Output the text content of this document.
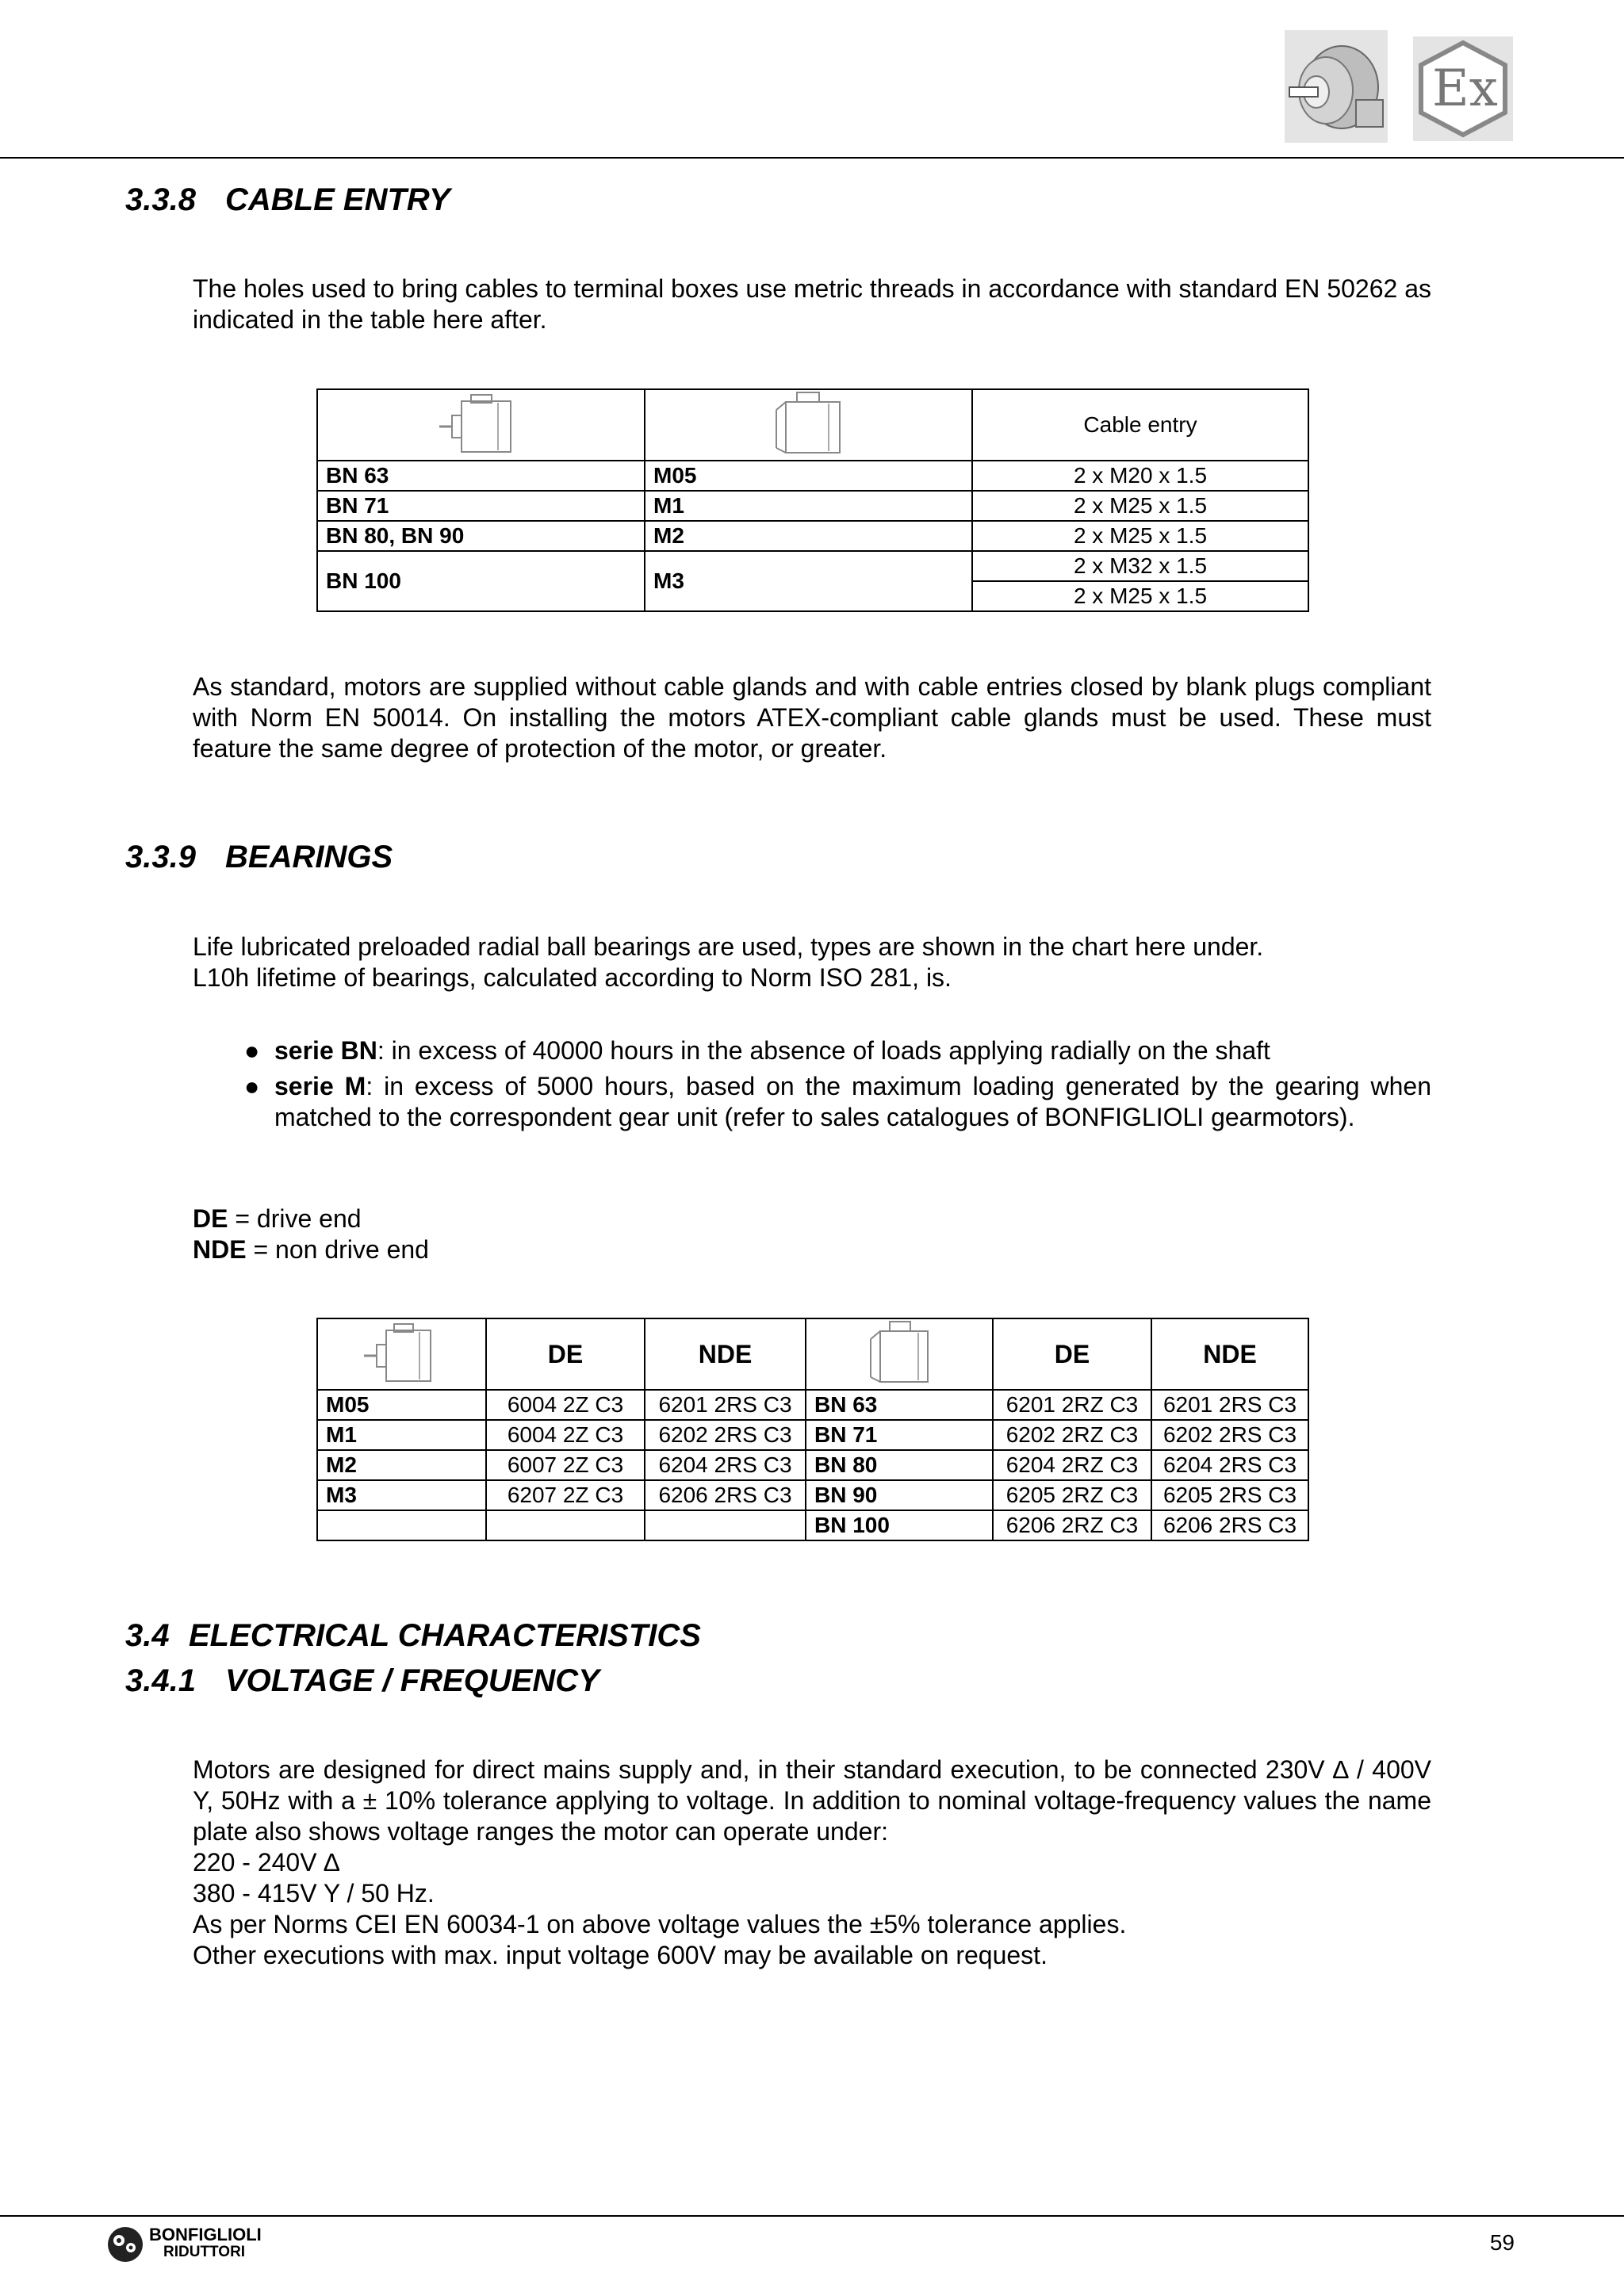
Ex
3.3.8 CABLE ENTRY

The holes used to bring cables to terminal boxes use metric threads in accordance with standard EN 50262 as indicated in the table here after.

	Cable entry
BN 63	M05	2 x M20 x 1.5
BN 71	M1	2 x M25 x 1.5
BN 80, BN 90	M2	2 x M25 x 1.5
BN 100	M3	2 x M32 x 1.5
		2 x M25 x 1.5

As standard, motors are supplied without cable glands and with cable entries closed by blank plugs compliant with Norm EN 50014. On installing the motors ATEX-compliant cable glands must be used. These must feature the same degree of protection of the motor, or greater.

3.3.9 BEARINGS

Life lubricated preloaded radial ball bearings are used, types are shown in the chart here under.

L10h lifetime of bearings, calculated according to Norm ISO 281, is.

● serie BN: in excess of 40000 hours in the absence of loads applying radially on the shaft
● serie M: in excess of 5000 hours, based on the maximum loading generated by the gearing when matched to the correspondent gear unit (refer to sales catalogues of BONFIGLIOLI gearmotors).

DE = drive end

NDE = non drive end

	DE	NDE		DE	NDE
M05	6004 2Z C3	6201 2RS C3	BN 63	6201 2RZ C3	6201 2RS C3
M1	6004 2Z C3	6202 2RS C3	BN 71	6202 2RZ C3	6202 2RS C3
M2	6007 2Z C3	6204 2RS C3	BN 80	6204 2RZ C3	6204 2RS C3
M3	6207 2Z C3	6206 2RS C3	BN 90	6205 2RZ C3	6205 2RS C3
			BN 100	6206 2RZ C3	6206 2RS C3
3.4 ELECTRICAL CHARACTERISTICS
3.4.1 VOLTAGE / FREQUENCY

Motors are designed for direct mains supply and, in their standard execution, to be connected 230V ∆ / 400V Y, 50Hz with a ± 10% tolerance applying to voltage. In addition to nominal voltage-frequency values the name plate also shows voltage ranges the motor can operate under:

220 - 240V ∆

380 - 415V Y / 50 Hz.

As per Norms CEI EN 60034-1 on above voltage values the ±5% tolerance applies.

Other executions with max. input voltage 600V may be available on request.

BONFIGLIOLI
RIDUTTORI	59
